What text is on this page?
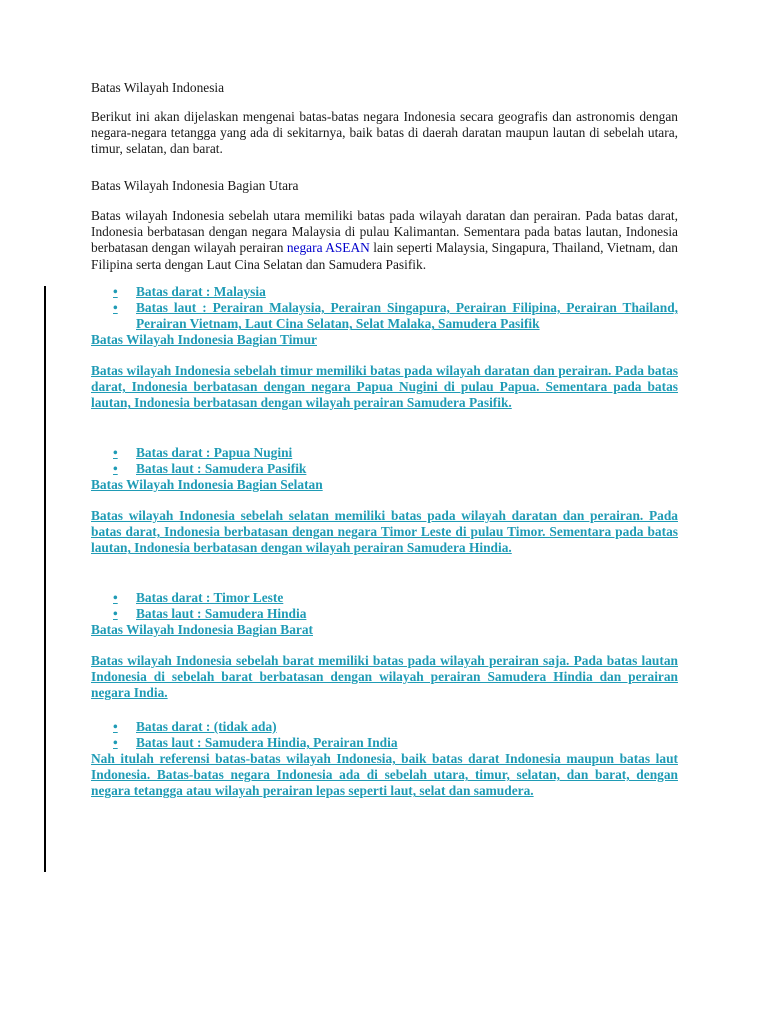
Batas Wilayah Indonesia

Berikut ini akan dijelaskan mengenai batas-batas negara Indonesia secara geografis dan astronomis dengan negara-negara tetangga yang ada di sekitarnya, baik batas di daerah daratan maupun lautan di sebelah utara, timur, selatan, dan barat.

Batas Wilayah Indonesia Bagian Utara

Batas wilayah Indonesia sebelah utara memiliki batas pada wilayah daratan dan perairan. Pada batas darat, Indonesia berbatasan dengan negara Malaysia di pulau Kalimantan. Sementara pada batas lautan, Indonesia berbatasan dengan wilayah perairan negara ASEAN lain seperti Malaysia, Singapura, Thailand, Vietnam, dan Filipina serta dengan Laut Cina Selatan dan Samudera Pasifik.

• Batas darat : Malaysia
• Batas laut : Perairan Malaysia, Perairan Singapura, Perairan Filipina, Perairan Thailand, Perairan Vietnam, Laut Cina Selatan, Selat Malaka, Samudera Pasifik

Batas Wilayah Indonesia Bagian Timur

Batas wilayah Indonesia sebelah timur memiliki batas pada wilayah daratan dan perairan. Pada batas darat, Indonesia berbatasan dengan negara Papua Nugini di pulau Papua. Sementara pada batas lautan, Indonesia berbatasan dengan wilayah perairan Samudera Pasifik.

• Batas darat : Papua Nugini
• Batas laut : Samudera Pasifik

Batas Wilayah Indonesia Bagian Selatan

Batas wilayah Indonesia sebelah selatan memiliki batas pada wilayah daratan dan perairan. Pada batas darat, Indonesia berbatasan dengan negara Timor Leste di pulau Timor. Sementara pada batas lautan, Indonesia berbatasan dengan wilayah perairan Samudera Hindia.

• Batas darat : Timor Leste
• Batas laut : Samudera Hindia

Batas Wilayah Indonesia Bagian Barat

Batas wilayah Indonesia sebelah barat memiliki batas pada wilayah perairan saja. Pada batas lautan Indonesia di sebelah barat berbatasan dengan wilayah perairan Samudera Hindia dan perairan negara India.

• Batas darat : (tidak ada)
• Batas laut : Samudera Hindia, Perairan India

Nah itulah referensi batas-batas wilayah Indonesia, baik batas darat Indonesia maupun batas laut Indonesia. Batas-batas negara Indonesia ada di sebelah utara, timur, selatan, dan barat, dengan negara tetangga atau wilayah perairan lepas seperti laut, selat dan samudera.
